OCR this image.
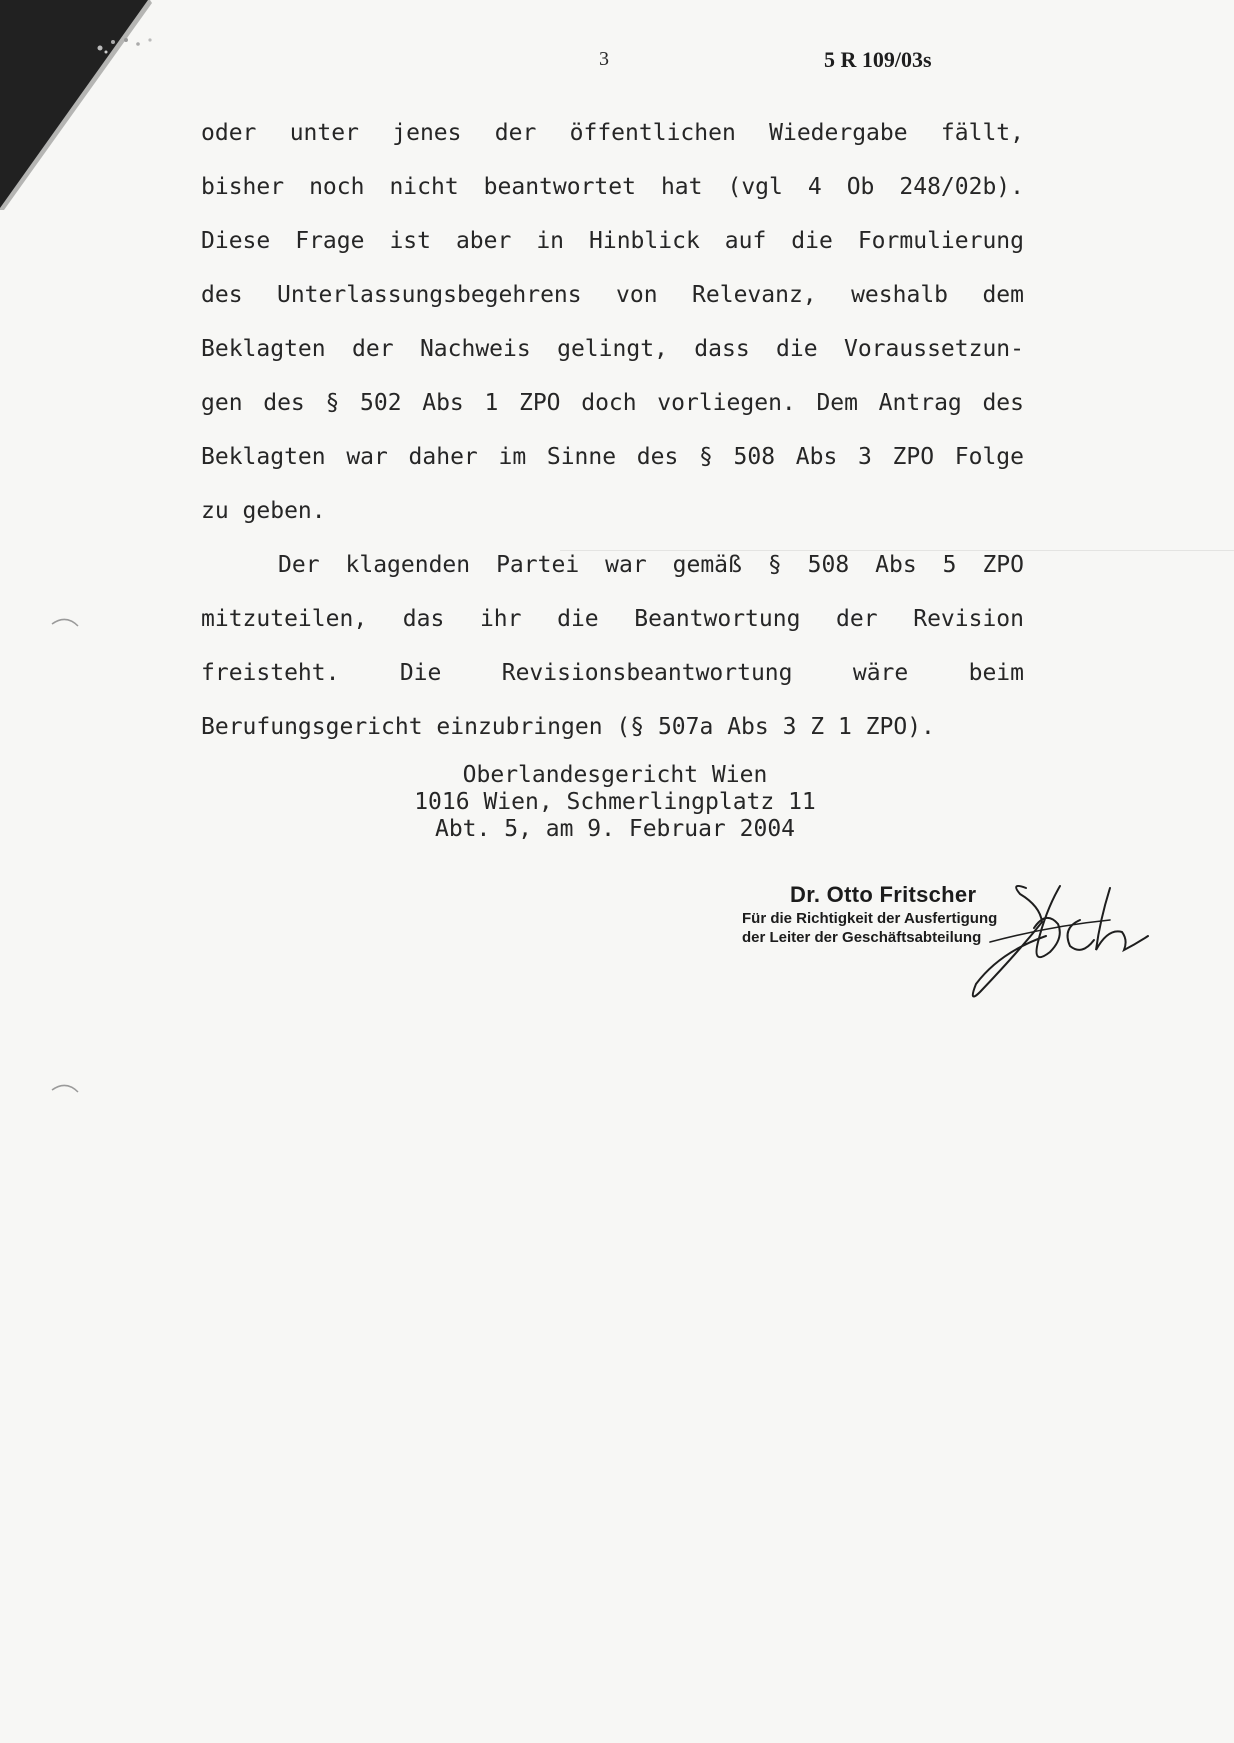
3	5 R 109/03s
oder unter jenes der öffentlichen Wiedergabe fällt,
bisher noch nicht beantwortet hat (vgl 4 Ob 248/02b).
Diese Frage ist aber in Hinblick auf die Formulierung
des Unterlassungsbegehrens von Relevanz, weshalb dem
Beklagten der Nachweis gelingt, dass die Voraussetzun-
gen des § 502 Abs 1 ZPO doch vorliegen. Dem Antrag des
Beklagten war daher im Sinne des § 508 Abs 3 ZPO Folge
zu geben.
Der klagenden Partei war gemäß § 508 Abs 5 ZPO
mitzuteilen, das ihr die Beantwortung der Revision
freisteht. Die Revisionsbeantwortung wäre beim
Berufungsgericht einzubringen (§ 507a Abs 3 Z 1 ZPO).
Oberlandesgericht Wien
1016 Wien, Schmerlingplatz 11
Abt. 5, am 9. Februar 2004
Dr. Otto Fritscher
Für die Richtigkeit der Ausfertigung
der Leiter der Geschäftsabteilung
